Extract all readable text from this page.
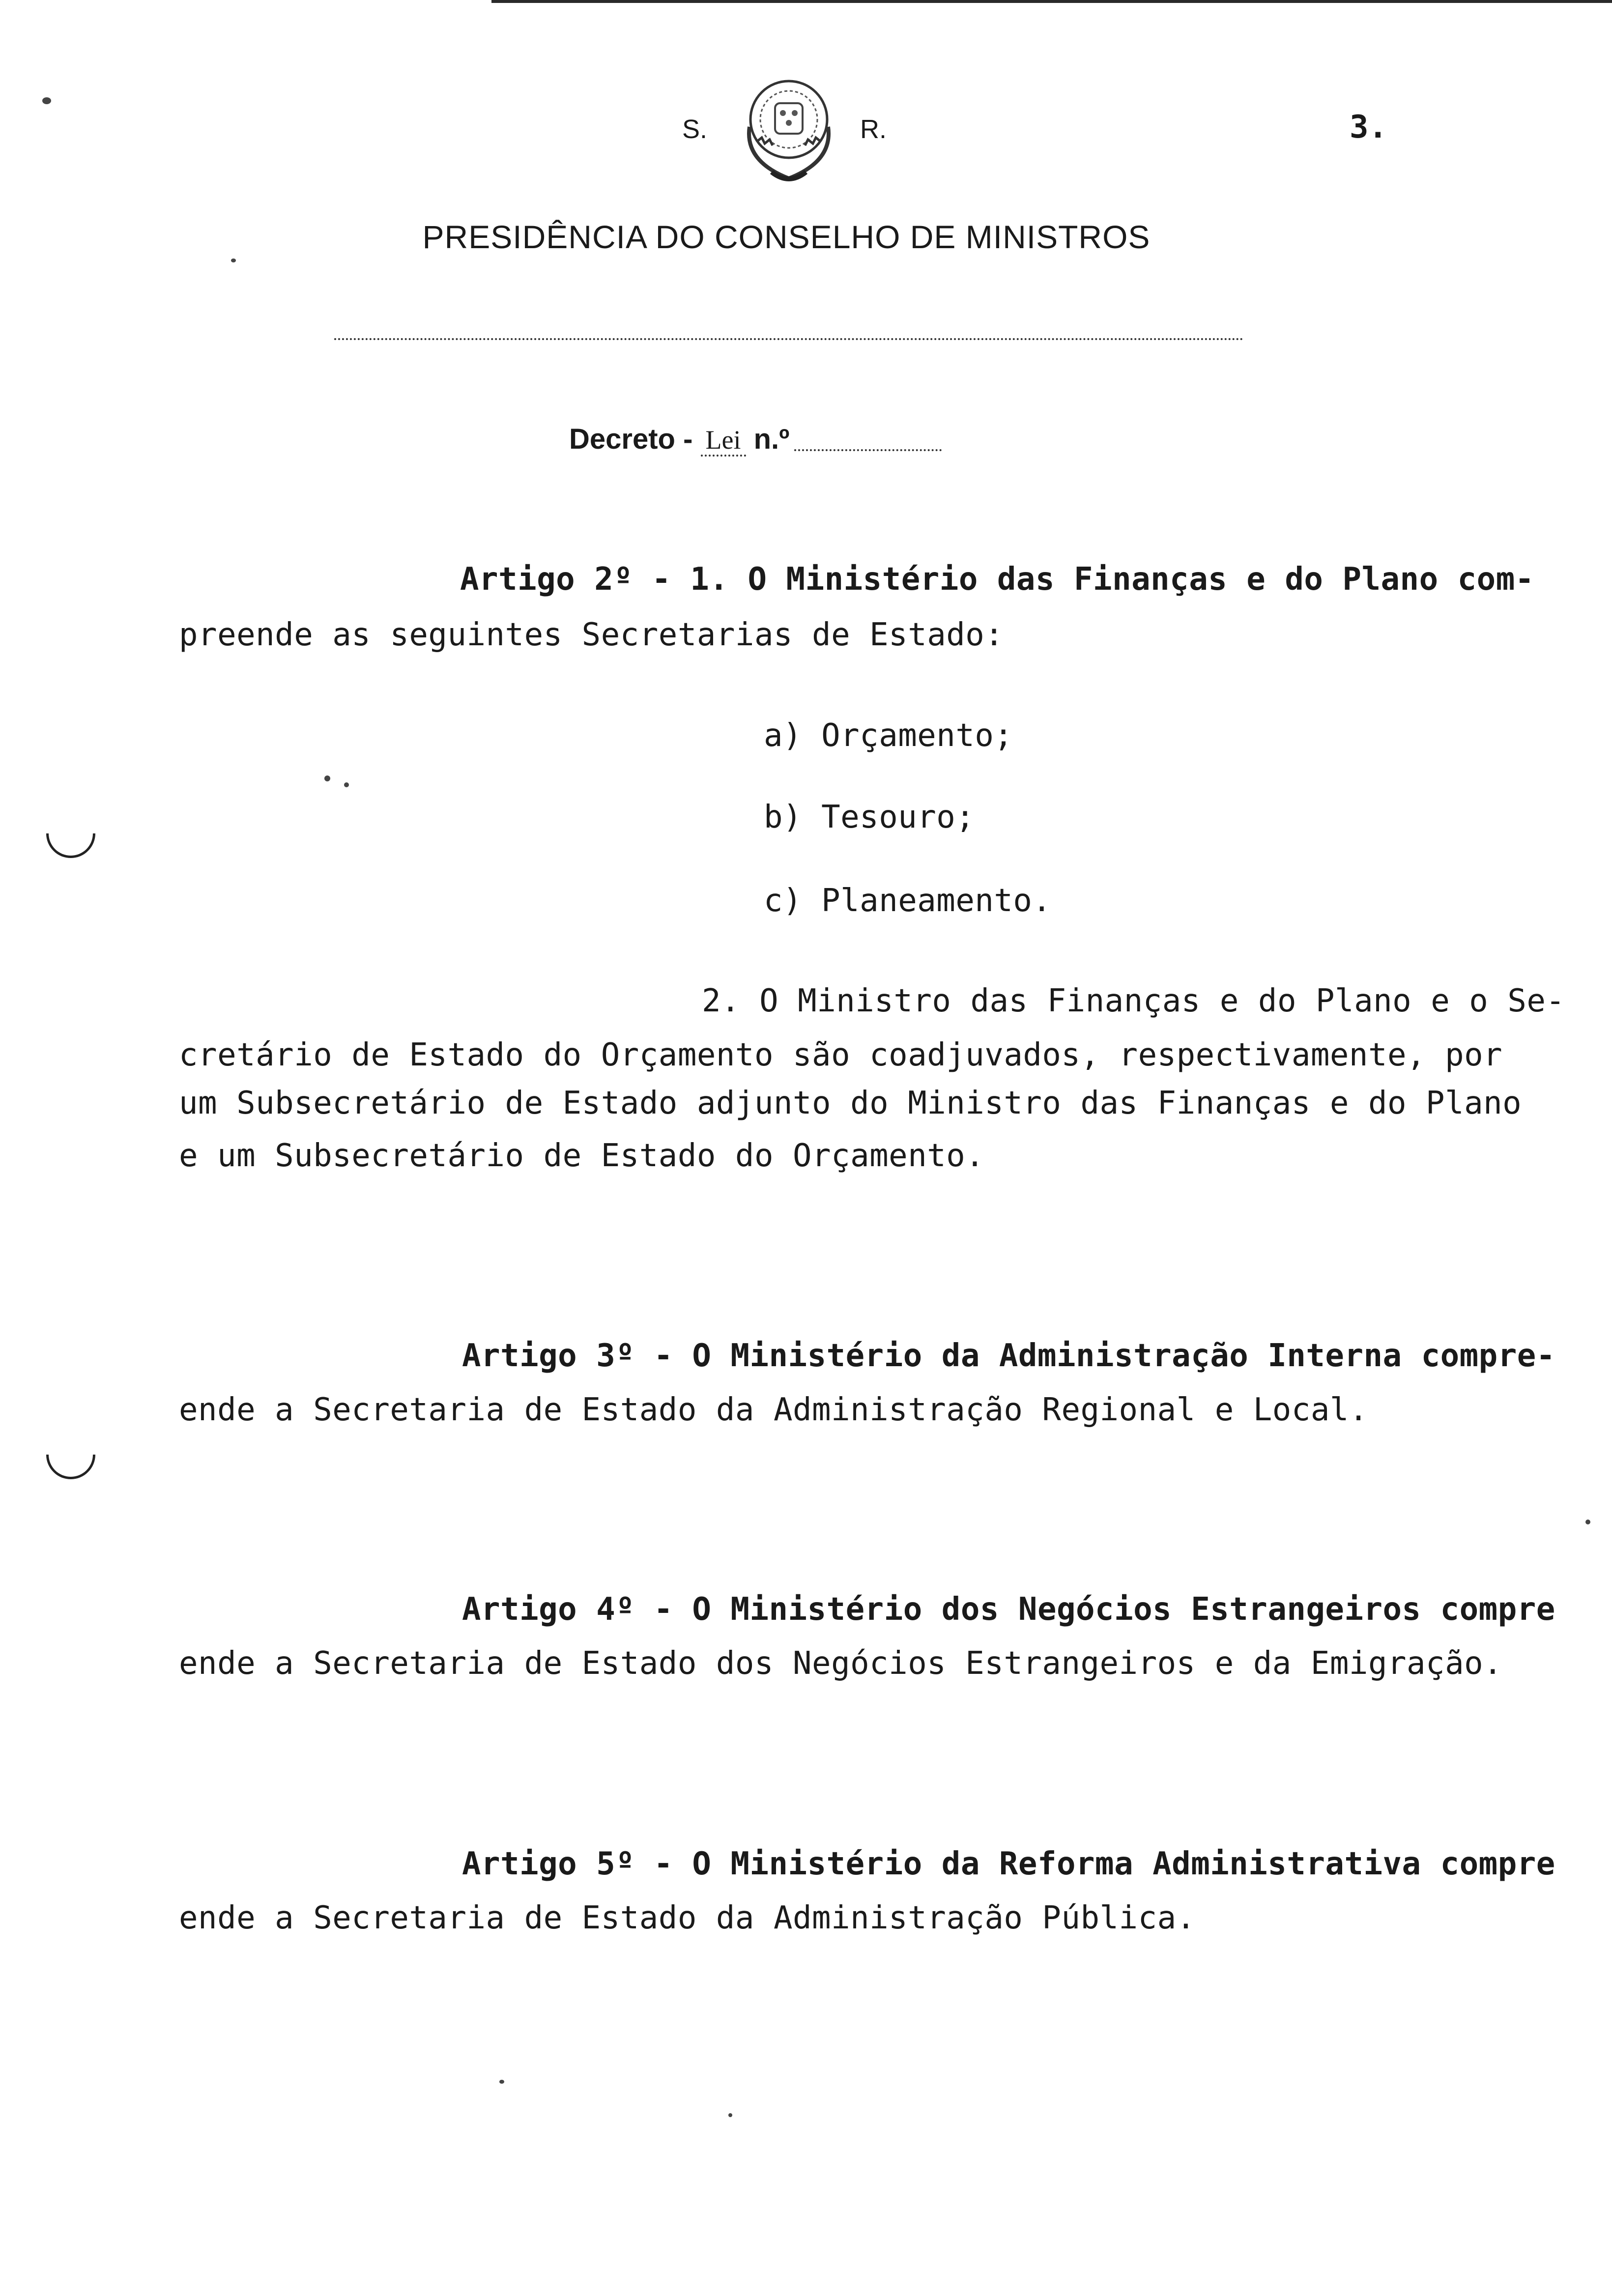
S.	R.	3.
PRESIDÊNCIA DO CONSELHO DE MINISTROS
Decreto - Lei n.º
Artigo 2º - 1. O Ministério das Finanças e do Plano com-
preende as seguintes Secretarias de Estado:
a) Orçamento;
b) Tesouro;
c) Planeamento.
2. O Ministro das Finanças e do Plano e o Se-
cretário de Estado do Orçamento são coadjuvados, respectivamente, por
um Subsecretário de Estado adjunto do Ministro das Finanças e do Plano
e um Subsecretário de Estado do Orçamento.
Artigo 3º - O Ministério da Administração Interna compre-
ende a Secretaria de Estado da Administração Regional e Local.
Artigo 4º - O Ministério dos Negócios Estrangeiros compre
ende a Secretaria de Estado dos Negócios Estrangeiros e da Emigração.
Artigo 5º - O Ministério da Reforma Administrativa compre
ende a Secretaria de Estado da Administração Pública.
